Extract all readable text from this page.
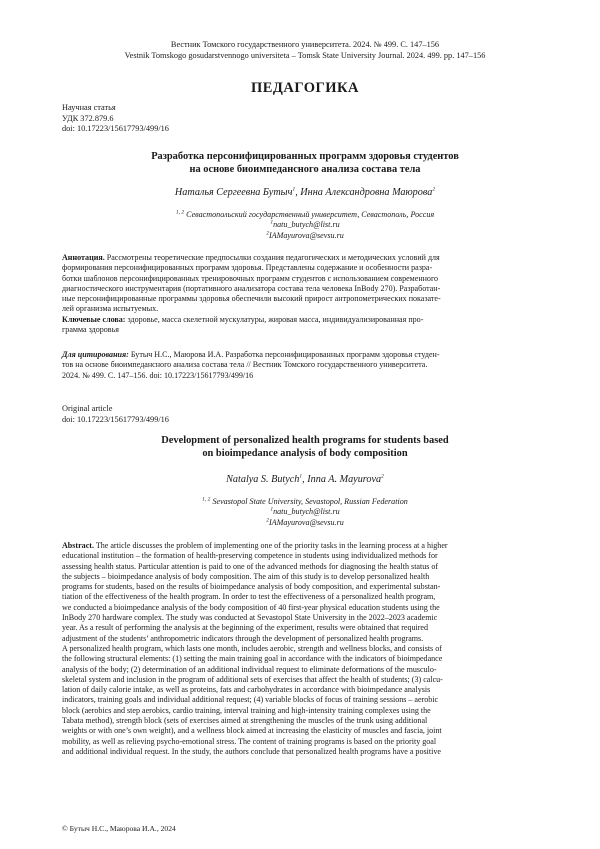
Вестник Томского государственного университета. 2024. № 499. С. 147–156
Vestnik Tomskogo gosudarstvennogo universiteta – Tomsk State University Journal. 2024. 499. pp. 147–156
ПЕДАГОГИКА
Научная статья
УДК 372.879.6
doi: 10.17223/15617793/499/16
Разработка персонифицированных программ здоровья студентов
на основе биоимпедансного анализа состава тела
Наталья Сергеевна Бутыч$^1$, Инна Александровна Маюрова$^2$
$^{1, 2}$ Севастопольский государственный университет, Севастополь, Россия
$^1$natu_butych@list.ru
$^2$IAMayurova@sevsu.ru
Аннотация. Рассмотрены теоретические предпосылки создания педагогических и методических условий для
формирования персонифицированных программ здоровья. Представлены содержание и особенности разра-
ботки шаблонов персонифицированных тренировочных программ студентов с использованием современного
диагностического инструментария (портативного анализатора состава тела человека InBody 270). Разработан-
ные персонифицированные программы здоровья обеспечили высокий прирост антропометрических показате-
лей организма испытуемых.
Ключевые слова: здоровье, масса скелетной мускулатуры, жировая масса, индивидуализированная про-
грамма здоровья
Для цитирования: Бутыч Н.С., Маюрова И.А. Разработка персонифицированных программ здоровья студен-
тов на основе биоимпедансного анализа состава тела // Вестник Томского государственного университета.
2024. № 499. С. 147–156. doi: 10.17223/15617793/499/16
Original article
doi: 10.17223/15617793/499/16
Development of personalized health programs for students based
on bioimpedance analysis of body composition
Natalya S. Butych$^1$, Inna A. Mayurova$^2$
$^{1, 2}$ Sevastopol State University, Sevastopol, Russian Federation
$^1$natu_butych@list.ru
$^2$IAMayurova@sevsu.ru
Abstract. The article discusses the problem of implementing one of the priority tasks in the learning process at a higher
educational institution – the formation of health-preserving competence in students using individualized methods for
assessing health status. Particular attention is paid to one of the advanced methods for diagnosing the health status of
the subjects – bioimpedance analysis of body composition. The aim of this study is to develop personalized health
programs for students, based on the results of bioimpedance analysis of body composition, and experimental substan-
tiation of the effectiveness of the health program. In order to test the effectiveness of a personalized health program,
we conducted a bioimpedance analysis of the body composition of 40 first-year physical education students using the
InBody 270 hardware complex. The study was conducted at Sevastopol State University in the 2022–2023 academic
year. As a result of performing the analysis at the beginning of the experiment, results were obtained that required
adjustment of the students’ anthropometric indicators through the development of personalized health programs.
A personalized health program, which lasts one month, includes aerobic, strength and wellness blocks, and consists of
the following structural elements: (1) setting the main training goal in accordance with the indicators of bioimpedance
analysis of the body; (2) determination of an additional individual request to eliminate deformations of the musculo-
skeletal system and inclusion in the program of additional sets of exercises that affect the health of students; (3) calcu-
lation of daily calorie intake, as well as proteins, fats and carbohydrates in accordance with bioimpedance analysis
indicators, training goals and individual additional request; (4) variable blocks of focus of training sessions – aerobic
block (aerobics and step aerobics, cardio training, interval training and high-intensity training complexes using the
Tabata method), strength block (sets of exercises aimed at strengthening the muscles of the trunk using additional
weights or with one’s own weight), and a wellness block aimed at increasing the elasticity of muscles and fascia, joint
mobility, as well as relieving psycho-emotional stress. The content of training programs is based on the priority goal
and additional individual request. In the study, the authors conclude that personalized health programs have a positive
© Бутыч Н.С., Маюрова И.А., 2024
